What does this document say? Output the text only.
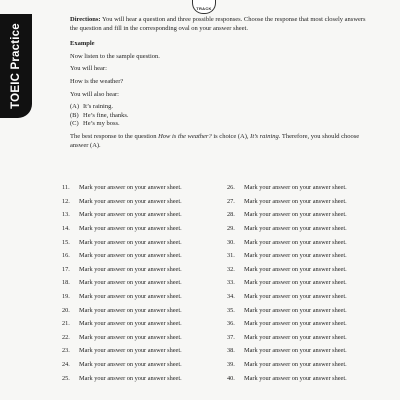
TOEIC Practice
TRACK
Directions: You will hear a question and three possible responses. Choose the response that most closely answers the question and fill in the corresponding oval on your answer sheet.
Example
Now listen to the sample question.
You will hear:
How is the weather?
You will also hear:
(A) It’s raining.
(B) He’s fine, thanks.
(C) He’s my boss.
The best response to the question How is the weather? is choice (A), It’s raining. Therefore, you should choose answer (A).
11.	Mark your answer on your answer sheet.
12.	Mark your answer on your answer sheet.
13.	Mark your answer on your answer sheet.
14.	Mark your answer on your answer sheet.
15.	Mark your answer on your answer sheet.
16.	Mark your answer on your answer sheet.
17.	Mark your answer on your answer sheet.
18.	Mark your answer on your answer sheet.
19.	Mark your answer on your answer sheet.
20.	Mark your answer on your answer sheet.
21.	Mark your answer on your answer sheet.
22.	Mark your answer on your answer sheet.
23.	Mark your answer on your answer sheet.
24.	Mark your answer on your answer sheet.
25.	Mark your answer on your answer sheet.
26.	Mark your answer on your answer sheet.
27.	Mark your answer on your answer sheet.
28.	Mark your answer on your answer sheet.
29.	Mark your answer on your answer sheet.
30.	Mark your answer on your answer sheet.
31.	Mark your answer on your answer sheet.
32.	Mark your answer on your answer sheet.
33.	Mark your answer on your answer sheet.
34.	Mark your answer on your answer sheet.
35.	Mark your answer on your answer sheet.
36.	Mark your answer on your answer sheet.
37.	Mark your answer on your answer sheet.
38.	Mark your answer on your answer sheet.
39.	Mark your answer on your answer sheet.
40.	Mark your answer on your answer sheet.
